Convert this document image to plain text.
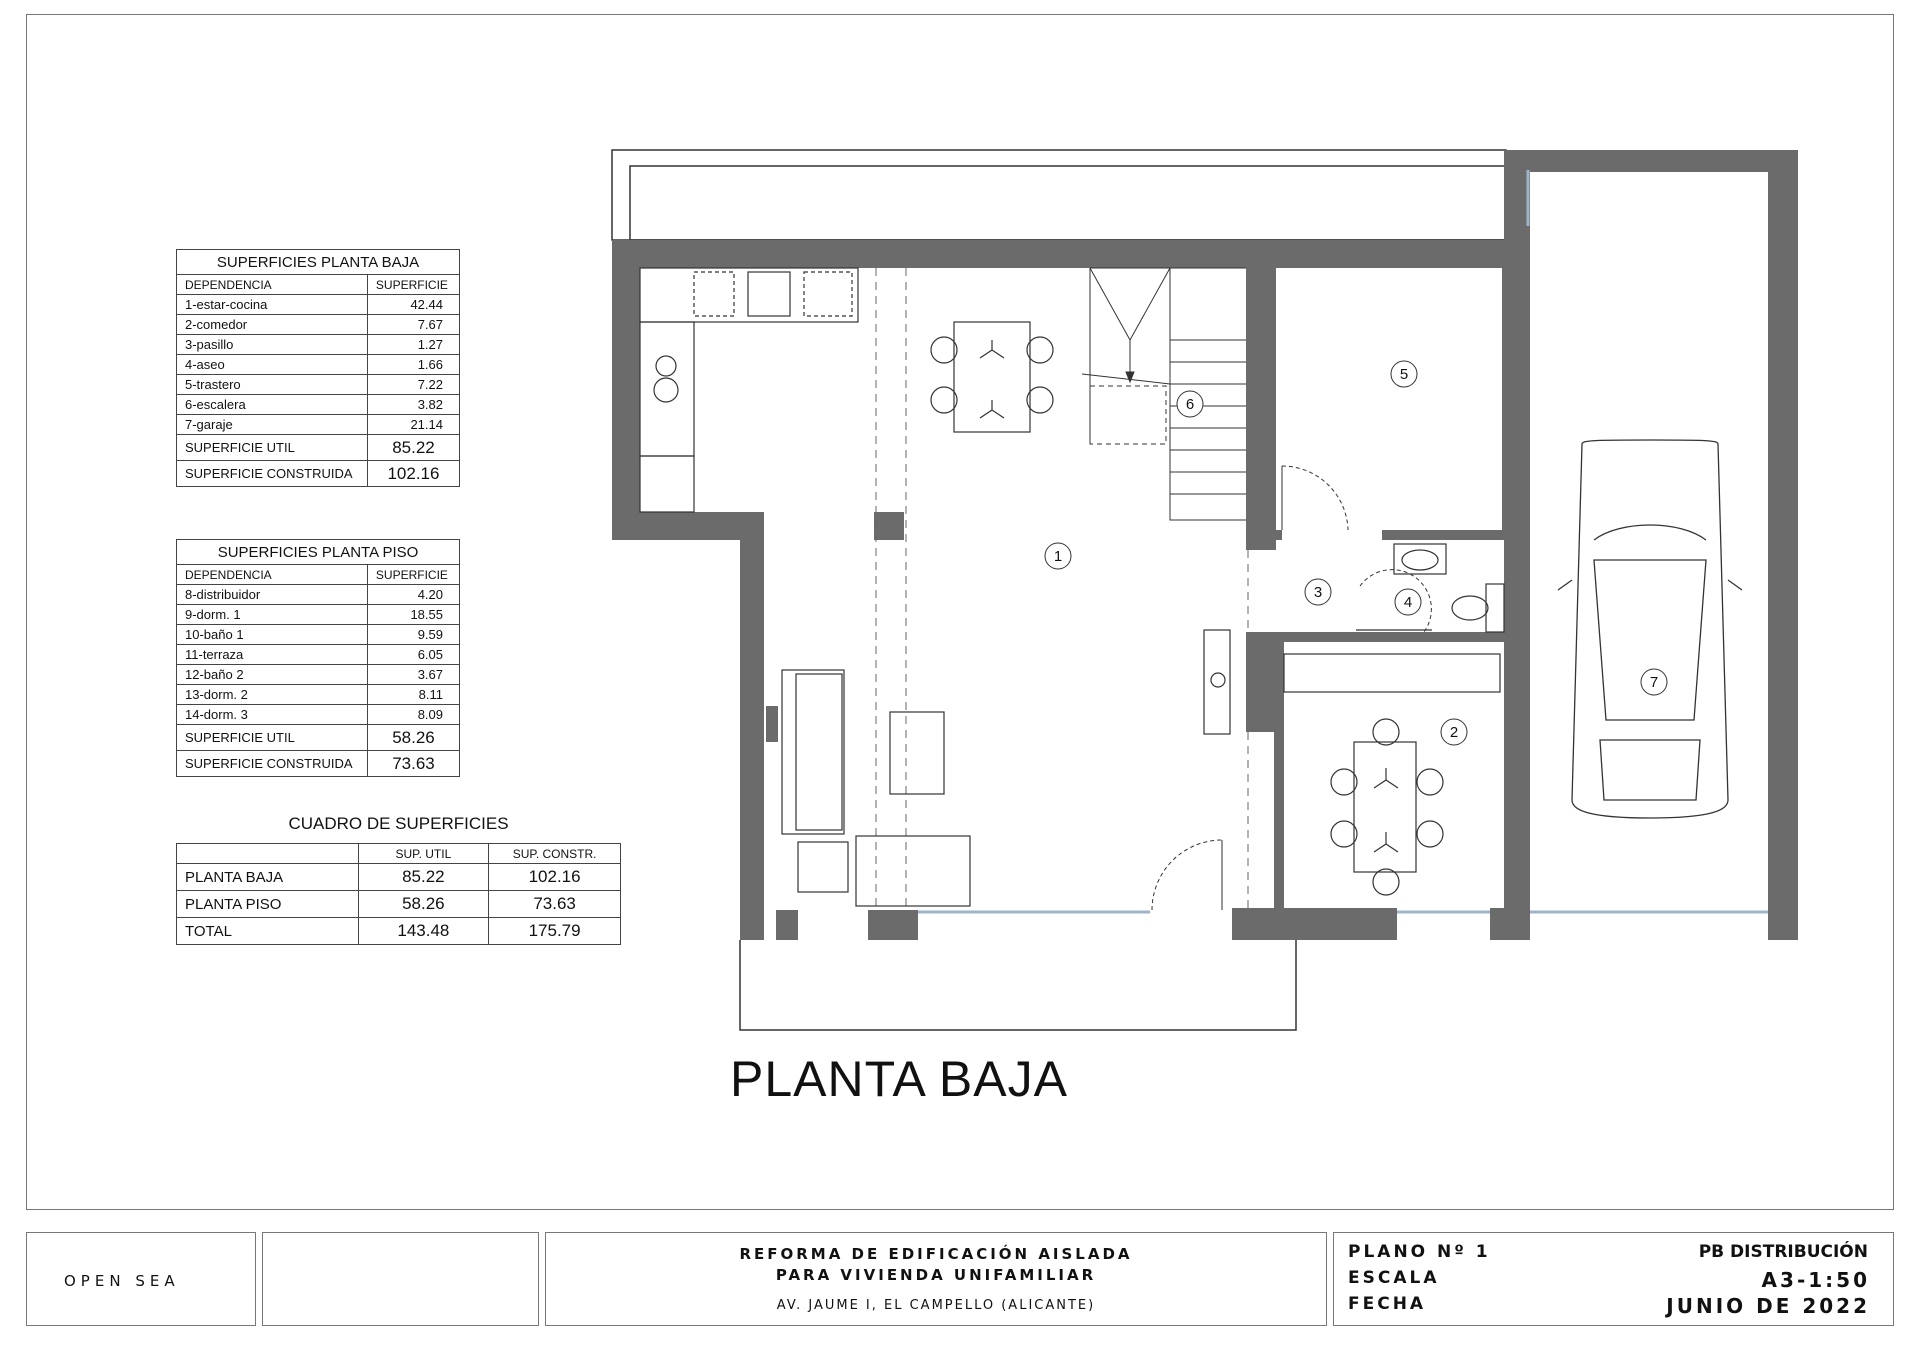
SUPERFICIES PLANTA BAJA	
DEPENDENCIA	SUPERFICIE
1-estar-cocina	42.44
2-comedor	7.67
3-pasillo	1.27
4-aseo	1.66
5-trastero	7.22
6-escalera	3.82
7-garaje	21.14
SUPERFICIE UTIL	85.22
SUPERFICIE CONSTRUIDA	102.16
SUPERFICIES PLANTA PISO	
DEPENDENCIA	SUPERFICIE
8-distribuidor	4.20
9-dorm. 1	18.55
10-baño 1	9.59
11-terraza	6.05
12-baño 2	3.67
13-dorm. 2	8.11
14-dorm. 3	8.09
SUPERFICIE UTIL	58.26
SUPERFICIE CONSTRUIDA	73.63
CUADRO DE SUPERFICIES
	SUP. UTIL	SUP. CONSTR.
PLANTA BAJA	85.22	102.16
PLANTA PISO	58.26	73.63
TOTAL	143.48	175.79
1
2
3
4
5
6
7
PLANTA BAJA
OPEN SEA
REFORMA DE EDIFICACIÓN AISLADA
PARA VIVIENDA UNIFAMILIAR
AV. JAUME I, EL CAMPELLO (ALICANTE)
PLANO Nº 1
ESCALA
FECHA
PB DISTRIBUCIÓN
A3-1:50
JUNIO DE 2022
